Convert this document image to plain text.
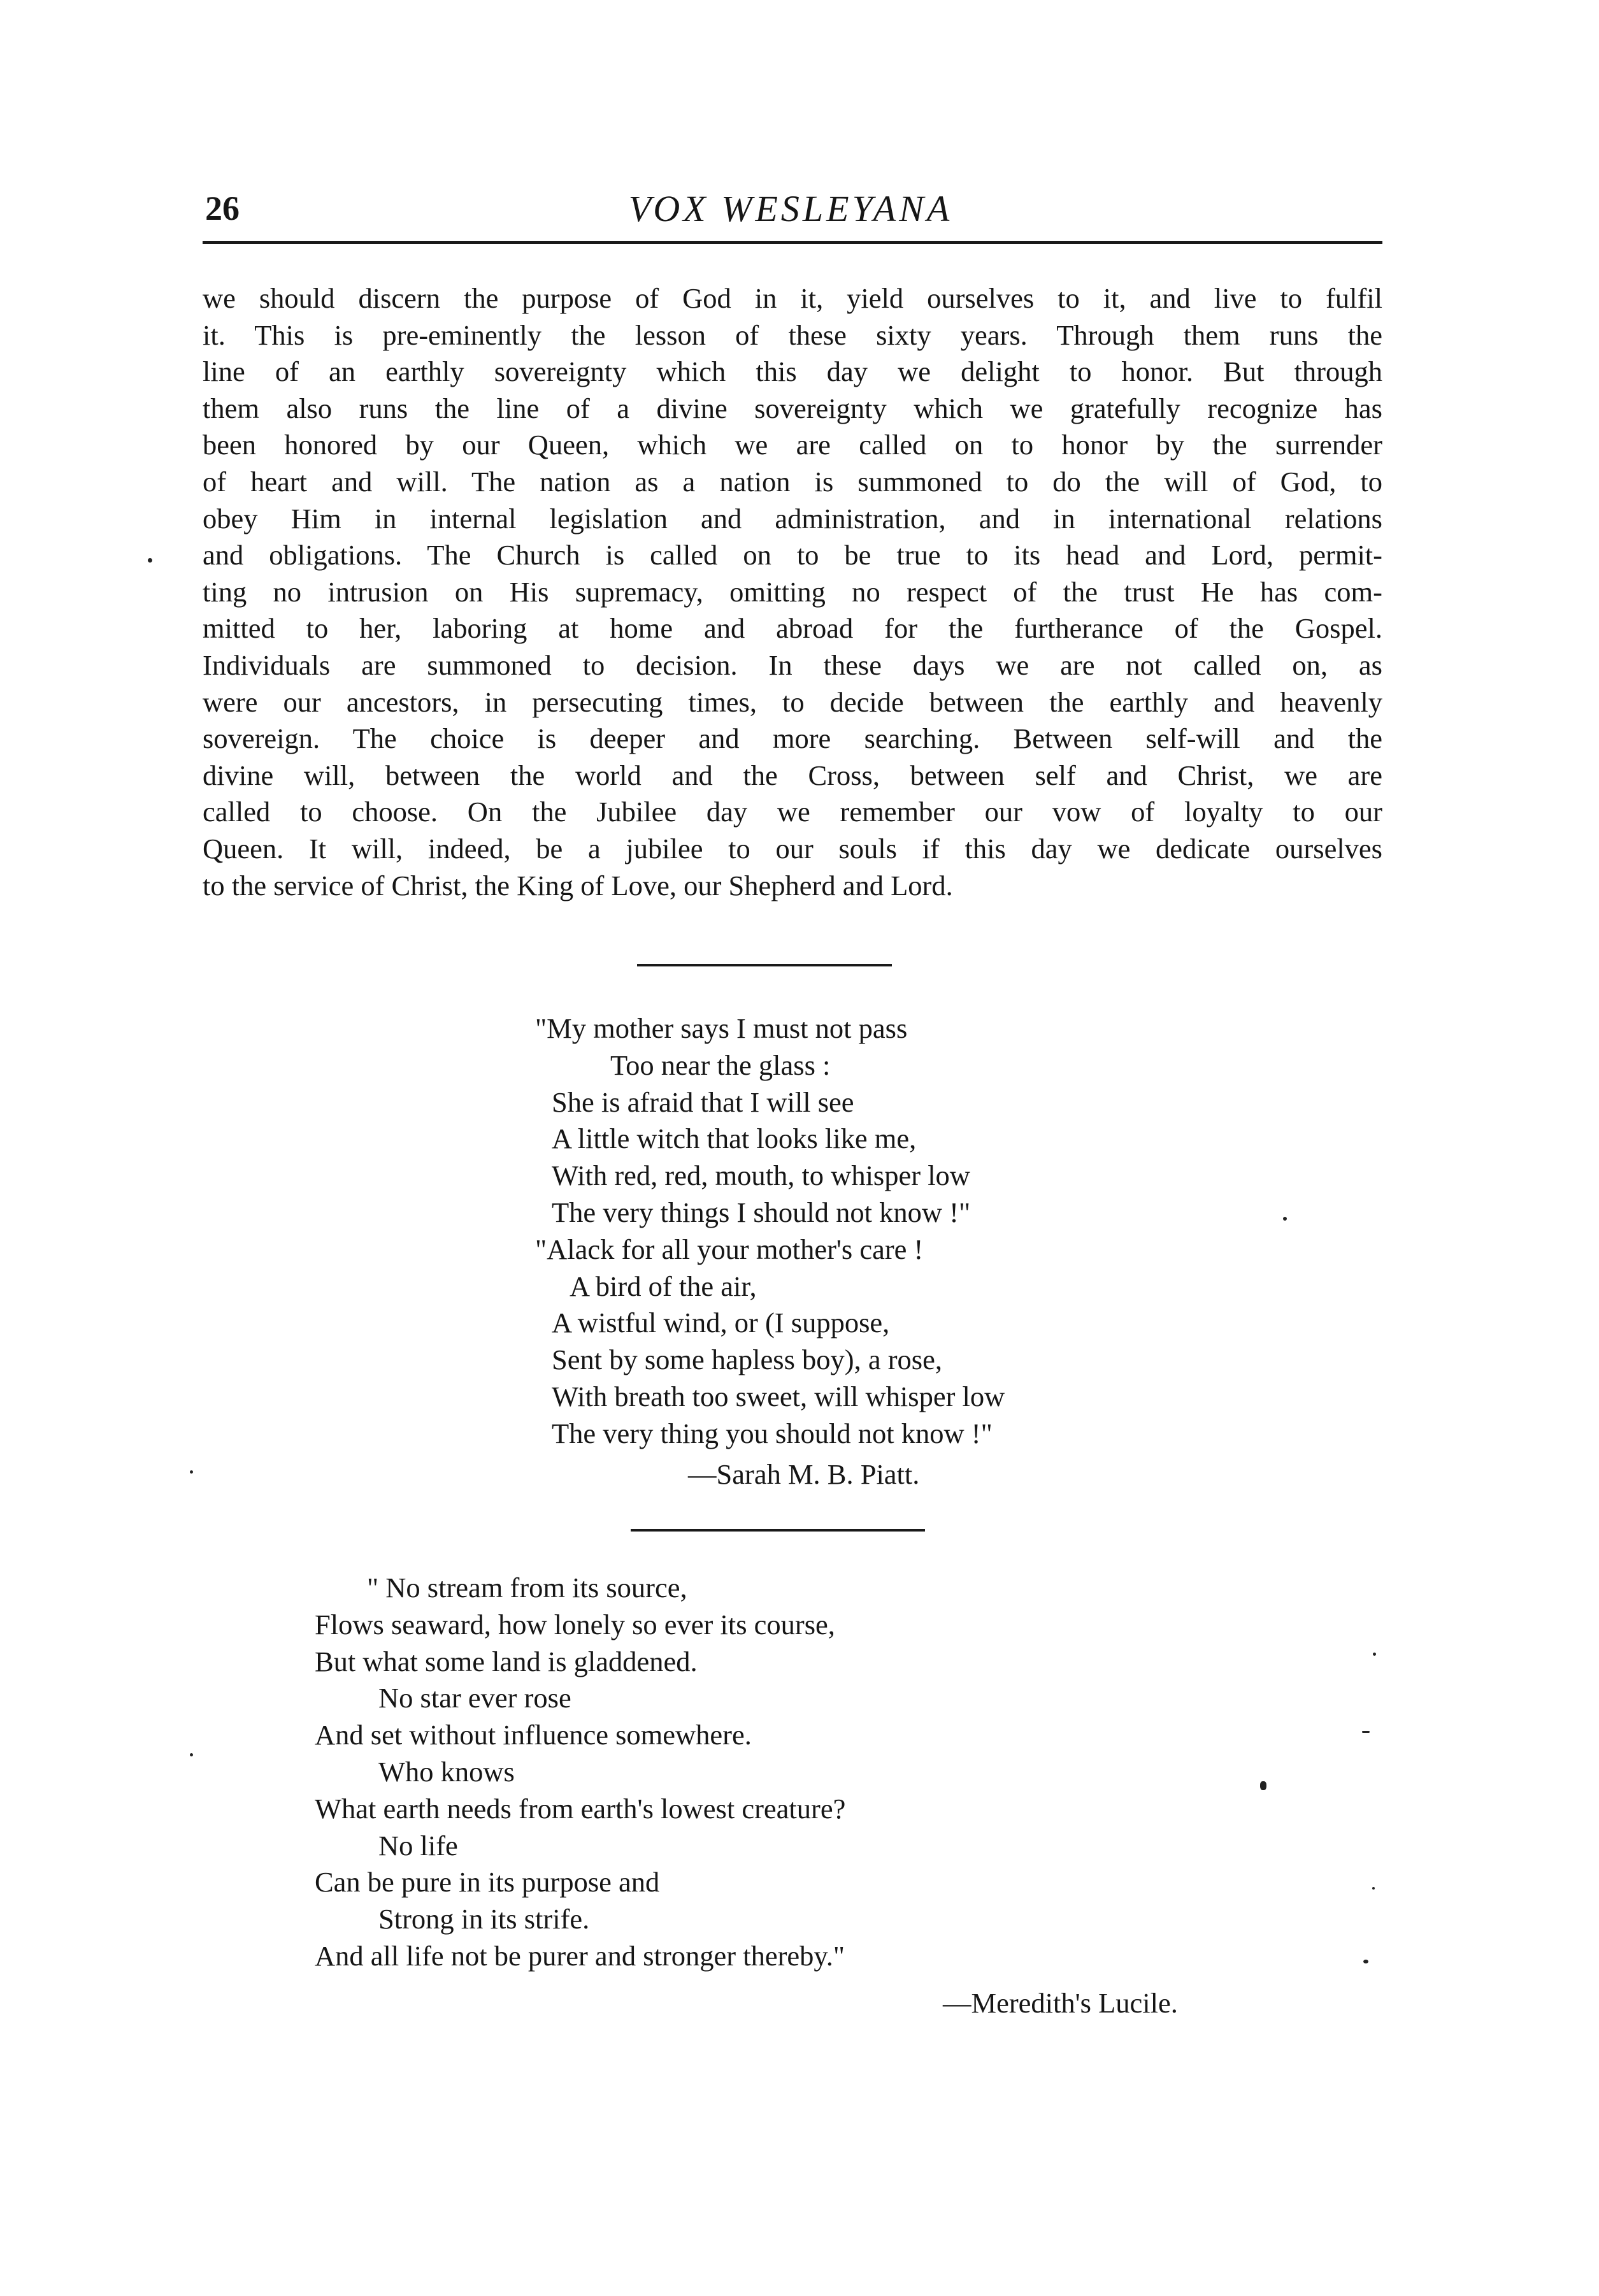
26	VOX WESLEYANA
we should discern the purpose of God in it, yield ourselves to it, and live to fulfil
it. This is pre-eminently the lesson of these sixty years. Through them runs the
line of an earthly sovereignty which this day we delight to honor. But through
them also runs the line of a divine sovereignty which we gratefully recognize has
been honored by our Queen, which we are called on to honor by the surrender
of heart and will. The nation as a nation is summoned to do the will of God, to
obey Him in internal legislation and administration, and in international relations
and obligations. The Church is called on to be true to its head and Lord, permit-
ting no intrusion on His supremacy, omitting no respect of the trust He has com-
mitted to her, laboring at home and abroad for the furtherance of the Gospel.
Individuals are summoned to decision. In these days we are not called on, as
were our ancestors, in persecuting times, to decide between the earthly and heavenly
sovereign. The choice is deeper and more searching. Between self-will and the
divine will, between the world and the Cross, between self and Christ, we are
called to choose. On the Jubilee day we remember our vow of loyalty to our
Queen. It will, indeed, be a jubilee to our souls if this day we dedicate ourselves
to the service of Christ, the King of Love, our Shepherd and Lord.
"My mother says I must not pass
Too near the glass :
She is afraid that I will see
A little witch that looks like me,
With red, red, mouth, to whisper low
The very things I should not know !"
"Alack for all your mother's care !
A bird of the air,
A wistful wind, or (I suppose,
Sent by some hapless boy), a rose,
With breath too sweet, will whisper low
The very thing you should not know !"
—Sarah M. B. Piatt.
" No stream from its source,
Flows seaward, how lonely so ever its course,
But what some land is gladdened.
No star ever rose
And set without influence somewhere.
Who knows
What earth needs from earth's lowest creature?
No life
Can be pure in its purpose and
Strong in its strife.
And all life not be purer and stronger thereby."
—Meredith's Lucile.
